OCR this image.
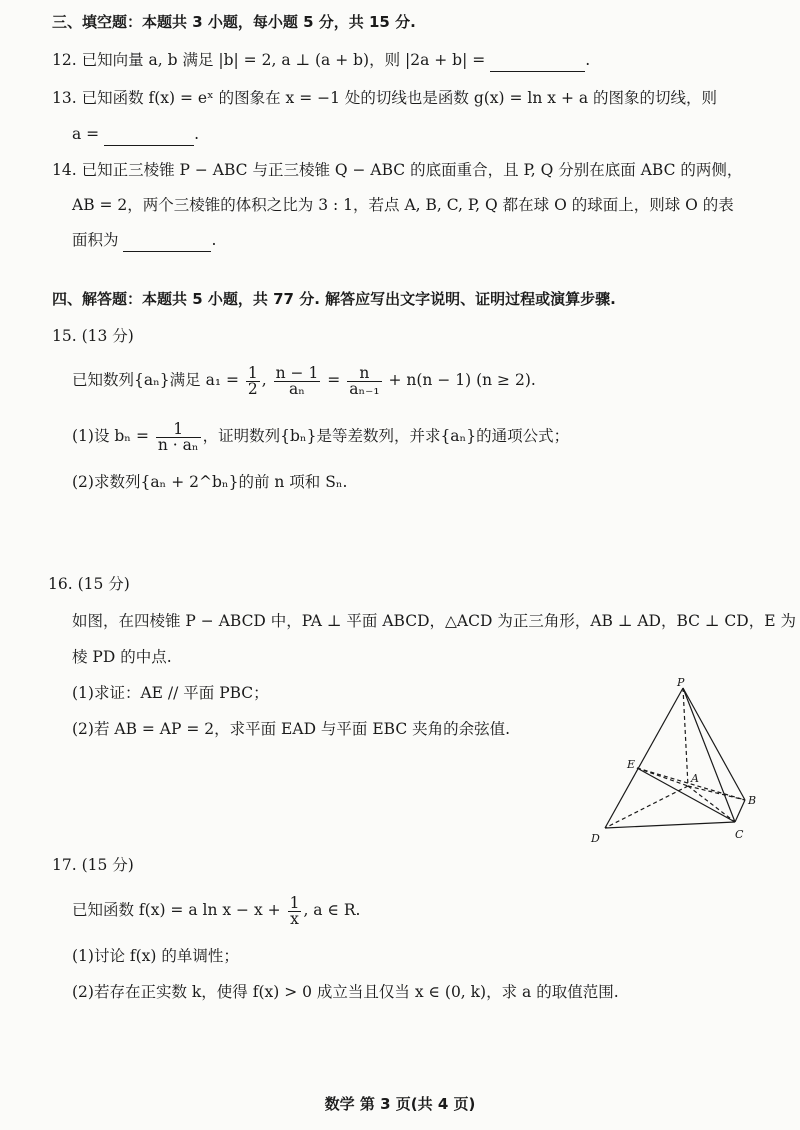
三、填空题：本题共 3 小题，每小题 5 分，共 15 分.
12. 已知向量 a, b 满足 |b| = 2, a ⊥ (a + b)，则 |2a + b| =	.
13. 已知函数 f(x) = eˣ 的图象在 x = −1 处的切线也是函数 g(x) = ln x + a 的图象的切线，则
a =	.
14. 已知正三棱锥 P − ABC 与正三棱锥 Q − ABC 的底面重合，且 P, Q 分别在底面 ABC 的两侧，
AB = 2，两个三棱锥的体积之比为 3 : 1，若点 A, B, C, P, Q 都在球 O 的球面上，则球 O 的表
面积为	.
四、解答题：本题共 5 小题，共 77 分. 解答应写出文字说明、证明过程或演算步骤.
15. (13 分)
已知数列{aₙ}满足 $a_1 = \frac{1}{2}$ , $\frac{n - 1}{\text{aₙ}} = \frac{n}{\text{aₙ₋₁}} + n(n - 1) (n \ge 2)$.
(1)设 $b_n = \frac{1}{\text{n · aₙ}}$ ，证明数列{bₙ}是等差数列，并求{aₙ}的通项公式；
(2)求数列{aₙ + 2^bₙ}的前 n 项和 Sₙ.
16. (15 分)
如图，在四棱锥 P − ABCD 中，PA ⊥ 平面 ABCD，△ACD 为正三角形，AB ⊥ AD，BC ⊥ CD，E 为
棱 PD 的中点.
(1)求证：AE // 平面 PBC；
(2)若 AB = AP = 2，求平面 EAD 与平面 EBC 夹角的余弦值.
P
E
A
B
C
D
17. (15 分)
已知函数 f(x) = a $\ln x - x + \frac{1}{x}$ , a ∈ R.
(1)讨论 f(x) 的单调性；
(2)若存在正实数 k，使得 f(x) > 0 成立当且仅当 x ∈ (0, k)，求 a 的取值范围.
数学 第 3 页(共 4 页)
